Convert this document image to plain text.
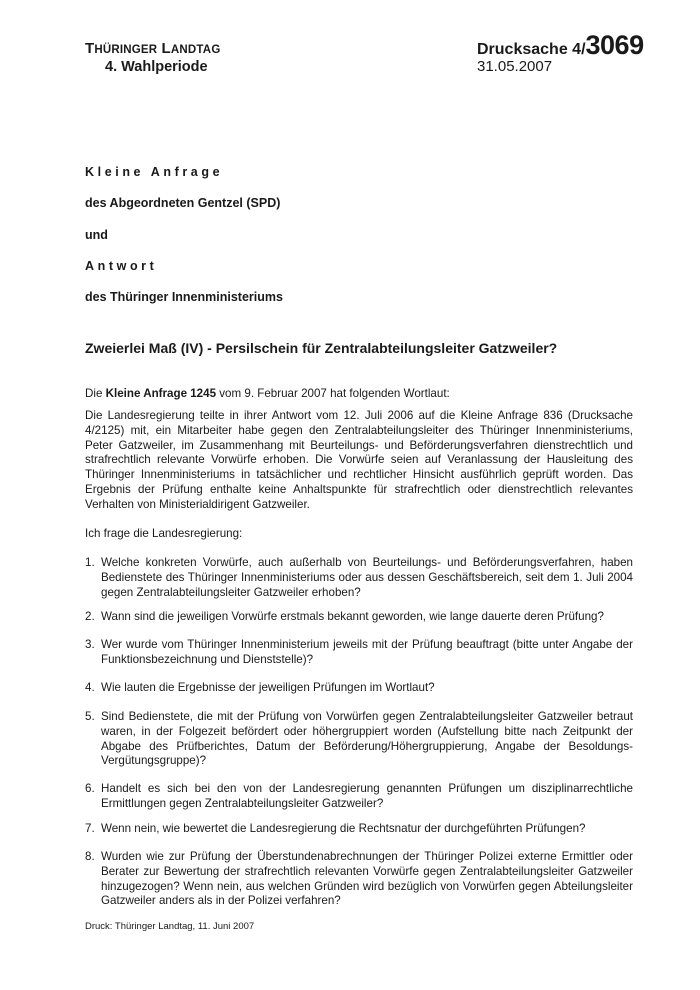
THÜRINGER LANDTAG
4. Wahlperiode
Drucksache 4/3069
31.05.2007
Kleine Anfrage
des Abgeordneten Gentzel (SPD)
und
Antwort
des Thüringer Innenministeriums
Zweierlei Maß (IV) - Persilschein für Zentralabteilungsleiter Gatzweiler?
Die Kleine Anfrage 1245 vom 9. Februar 2007 hat folgenden Wortlaut:
Die Landesregierung teilte in ihrer Antwort vom 12. Juli 2006 auf die Kleine Anfrage 836 (Drucksache 4/2125) mit, ein Mitarbeiter habe gegen den Zentralabteilungsleiter des Thüringer Innenministeriums, Peter Gatzweiler, im Zusammenhang mit Beurteilungs- und Beförderungsverfahren dienstrechtlich und strafrechtlich relevante Vorwürfe erhoben. Die Vorwürfe seien auf Veranlassung der Hausleitung des Thüringer Innenministeriums in tatsächlicher und rechtlicher Hinsicht ausführlich geprüft worden. Das Ergebnis der Prüfung enthalte keine Anhaltspunkte für strafrechtlich oder dienstrechtlich relevantes Verhalten von Ministerialdirigent Gatzweiler.
Ich frage die Landesregierung:
1. Welche konkreten Vorwürfe, auch außerhalb von Beurteilungs- und Beförderungsverfahren, haben Bedienstete des Thüringer Innenministeriums oder aus dessen Geschäftsbereich, seit dem 1. Juli 2004 gegen Zentralabteilungsleiter Gatzweiler erhoben?
2. Wann sind die jeweiligen Vorwürfe erstmals bekannt geworden, wie lange dauerte deren Prüfung?
3. Wer wurde vom Thüringer Innenministerium jeweils mit der Prüfung beauftragt (bitte unter Angabe der Funktionsbezeichnung und Dienststelle)?
4. Wie lauten die Ergebnisse der jeweiligen Prüfungen im Wortlaut?
5. Sind Bedienstete, die mit der Prüfung von Vorwürfen gegen Zentralabteilungsleiter Gatzweiler betraut waren, in der Folgezeit befördert oder höhergruppiert worden (Aufstellung bitte nach Zeitpunkt der Abgabe des Prüfberichtes, Datum der Beförderung/Höhergruppierung, Angabe der Besoldungs-Vergütungsgruppe)?
6. Handelt es sich bei den von der Landesregierung genannten Prüfungen um disziplinarrechtliche Ermittlungen gegen Zentralabteilungsleiter Gatzweiler?
7. Wenn nein, wie bewertet die Landesregierung die Rechtsnatur der durchgeführten Prüfungen?
8. Wurden wie zur Prüfung der Überstundenabrechnungen der Thüringer Polizei externe Ermittler oder Berater zur Bewertung der strafrechtlich relevanten Vorwürfe gegen Zentralabteilungsleiter Gatzweiler hinzugezogen? Wenn nein, aus welchen Gründen wird bezüglich von Vorwürfen gegen Abteilungsleiter Gatzweiler anders als in der Polizei verfahren?
Druck: Thüringer Landtag, 11. Juni 2007
